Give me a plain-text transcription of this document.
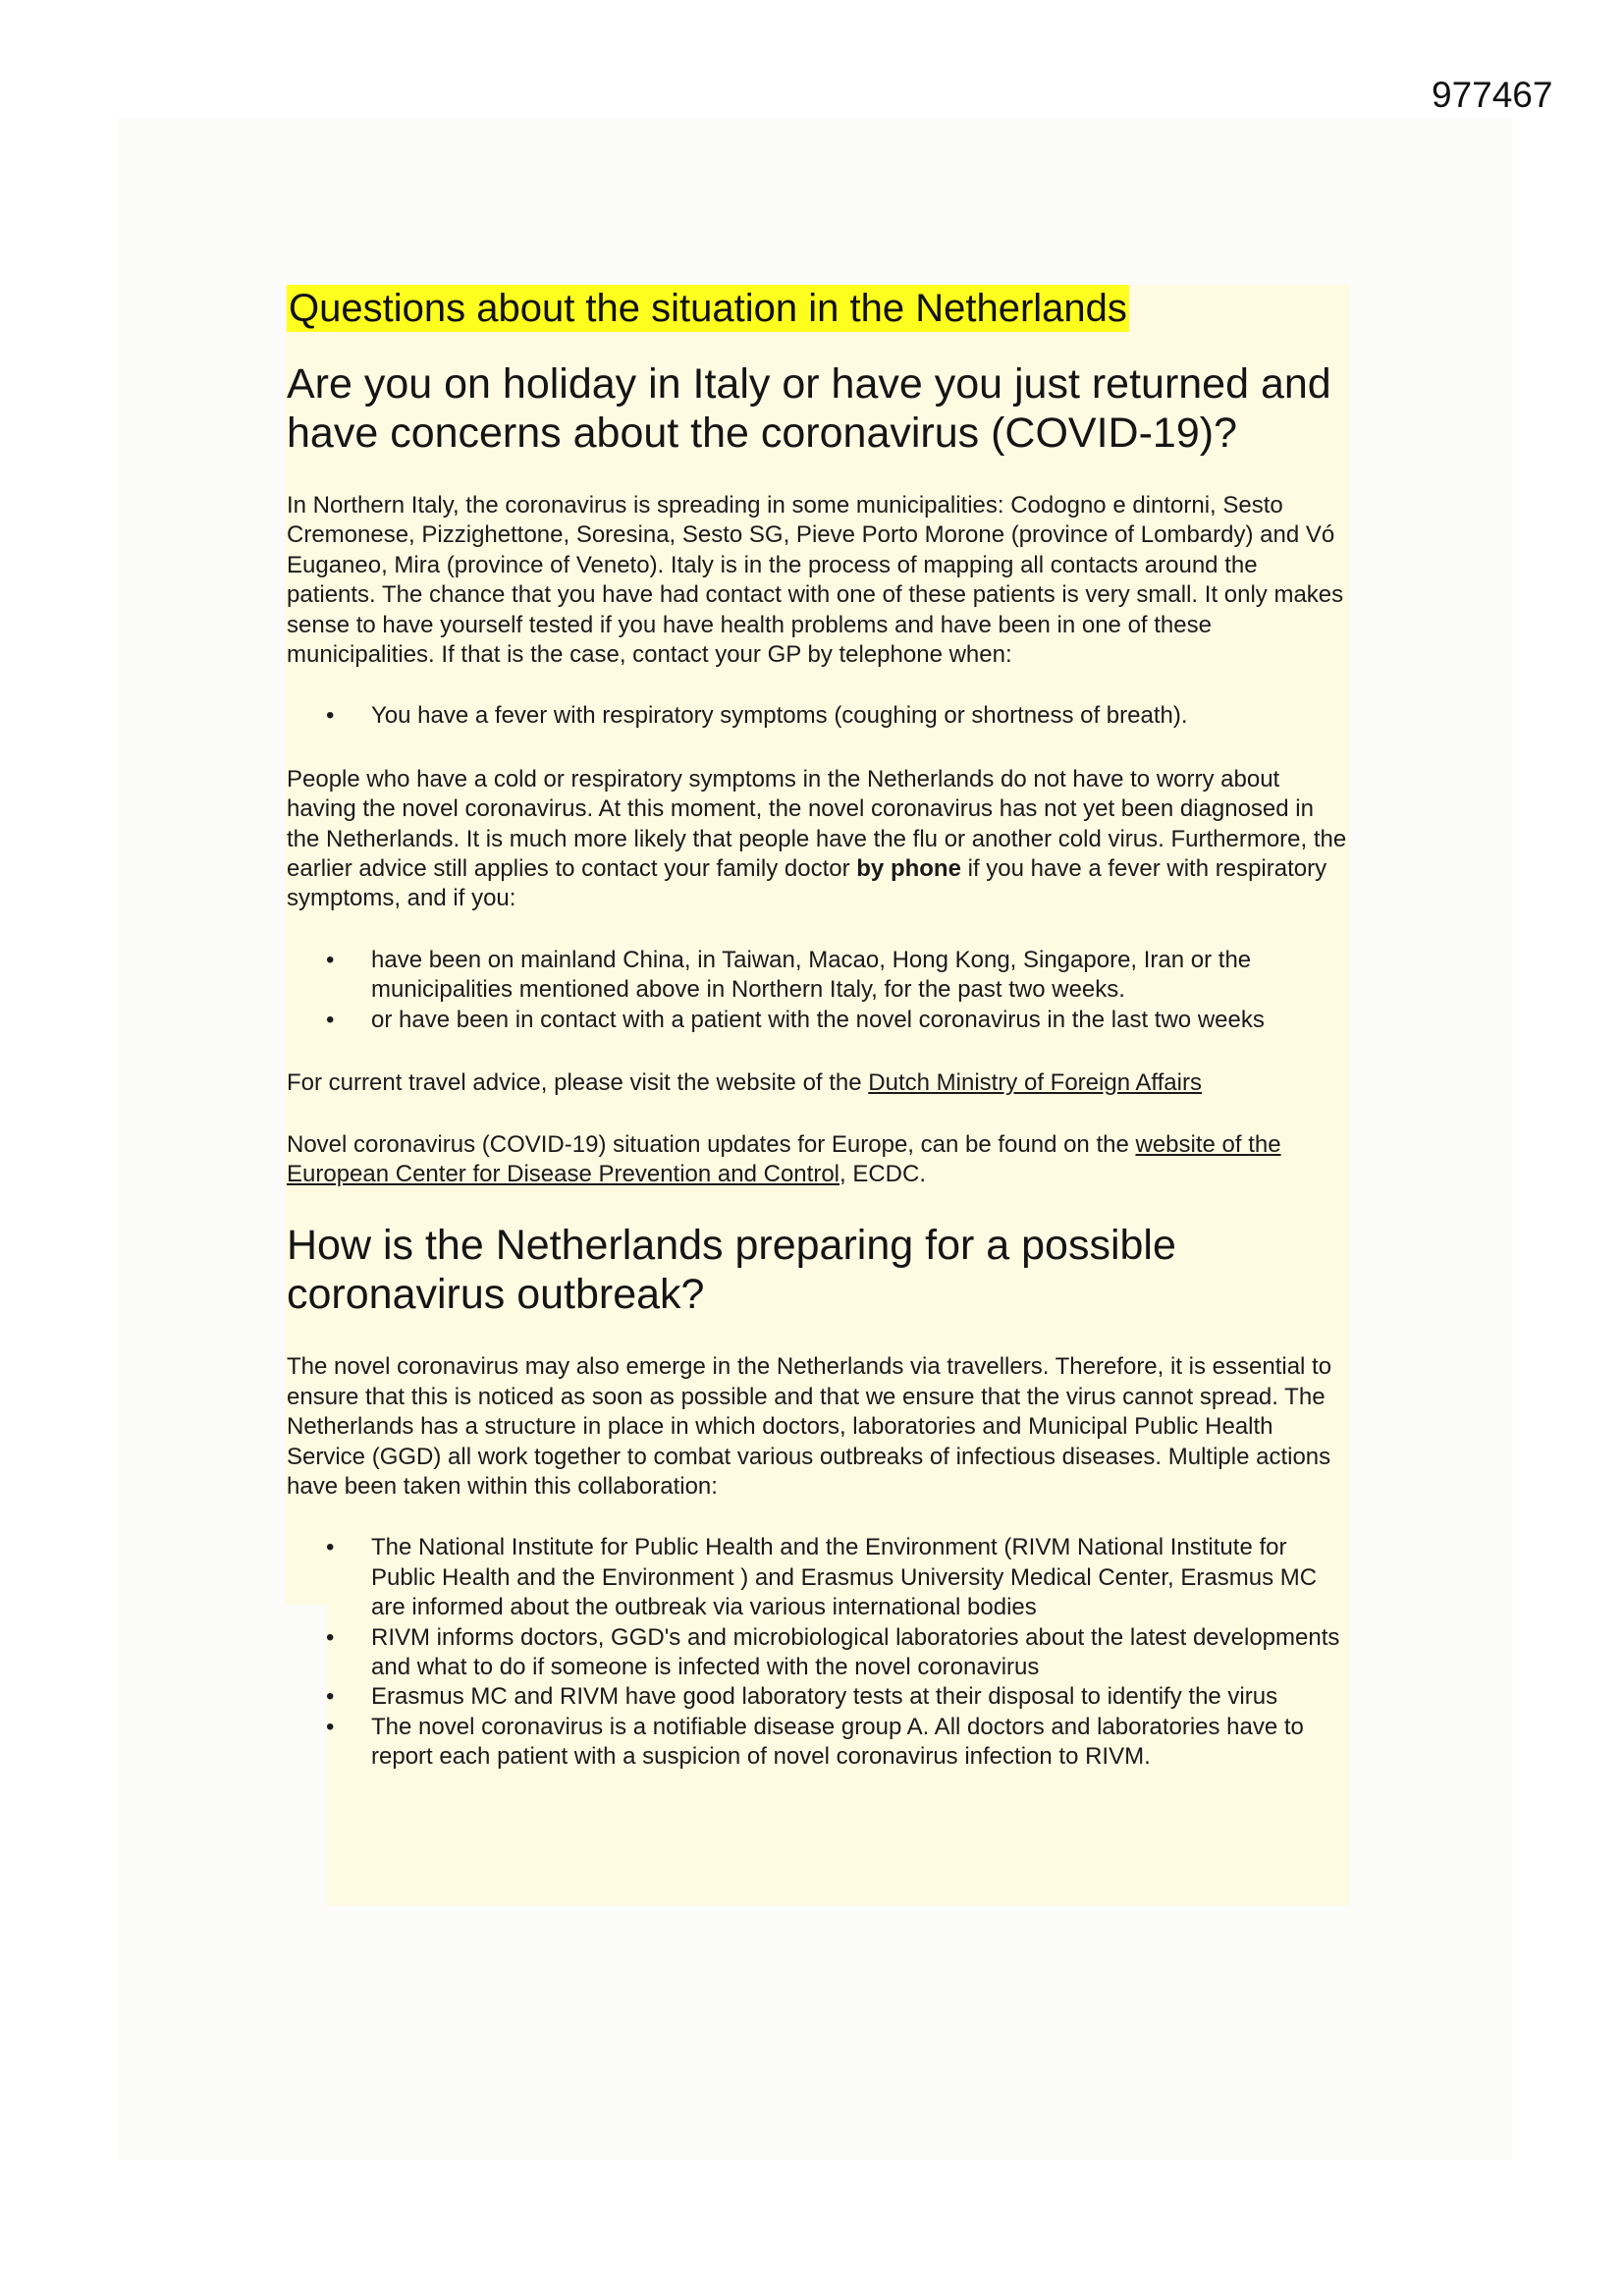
977467
Questions about the situation in the Netherlands
Are you on holiday in Italy or have you just returned and have concerns about the coronavirus (COVID-19)?

In Northern Italy, the coronavirus is spreading in some municipalities: Codogno e dintorni, Sesto Cremonese, Pizzighettone, Soresina, Sesto SG, Pieve Porto Morone (province of Lombardy) and Vó Euganeo, Mira (province of Veneto). Italy is in the process of mapping all contacts around the patients. The chance that you have had contact with one of these patients is very small. It only makes sense to have yourself tested if you have health problems and have been in one of these municipalities. If that is the case, contact your GP by telephone when:

• You have a fever with respiratory symptoms (coughing or shortness of breath).

People who have a cold or respiratory symptoms in the Netherlands do not have to worry about having the novel coronavirus. At this moment, the novel coronavirus has not yet been diagnosed in the Netherlands. It is much more likely that people have the flu or another cold virus. Furthermore, the earlier advice still applies to contact your family doctor by phone if you have a fever with respiratory symptoms, and if you:

• have been on mainland China, in Taiwan, Macao, Hong Kong, Singapore, Iran or the municipalities mentioned above in Northern Italy, for the past two weeks.
• or have been in contact with a patient with the novel coronavirus in the last two weeks

For current travel advice, please visit the website of the Dutch Ministry of Foreign Affairs

Novel coronavirus (COVID-19) situation updates for Europe, can be found on the website of the European Center for Disease Prevention and Control, ECDC.

How is the Netherlands preparing for a possible coronavirus outbreak?

The novel coronavirus may also emerge in the Netherlands via travellers. Therefore, it is essential to ensure that this is noticed as soon as possible and that we ensure that the virus cannot spread. The Netherlands has a structure in place in which doctors, laboratories and Municipal Public Health Service (GGD) all work together to combat various outbreaks of infectious diseases. Multiple actions have been taken within this collaboration:

• The National Institute for Public Health and the Environment (RIVM National Institute for Public Health and the Environment ) and Erasmus University Medical Center, Erasmus MC are informed about the outbreak via various international bodies
• RIVM informs doctors, GGD's and microbiological laboratories about the latest developments and what to do if someone is infected with the novel coronavirus
• Erasmus MC and RIVM have good laboratory tests at their disposal to identify the virus
• The novel coronavirus is a notifiable disease group A. All doctors and laboratories have to report each patient with a suspicion of novel coronavirus infection to RIVM.
